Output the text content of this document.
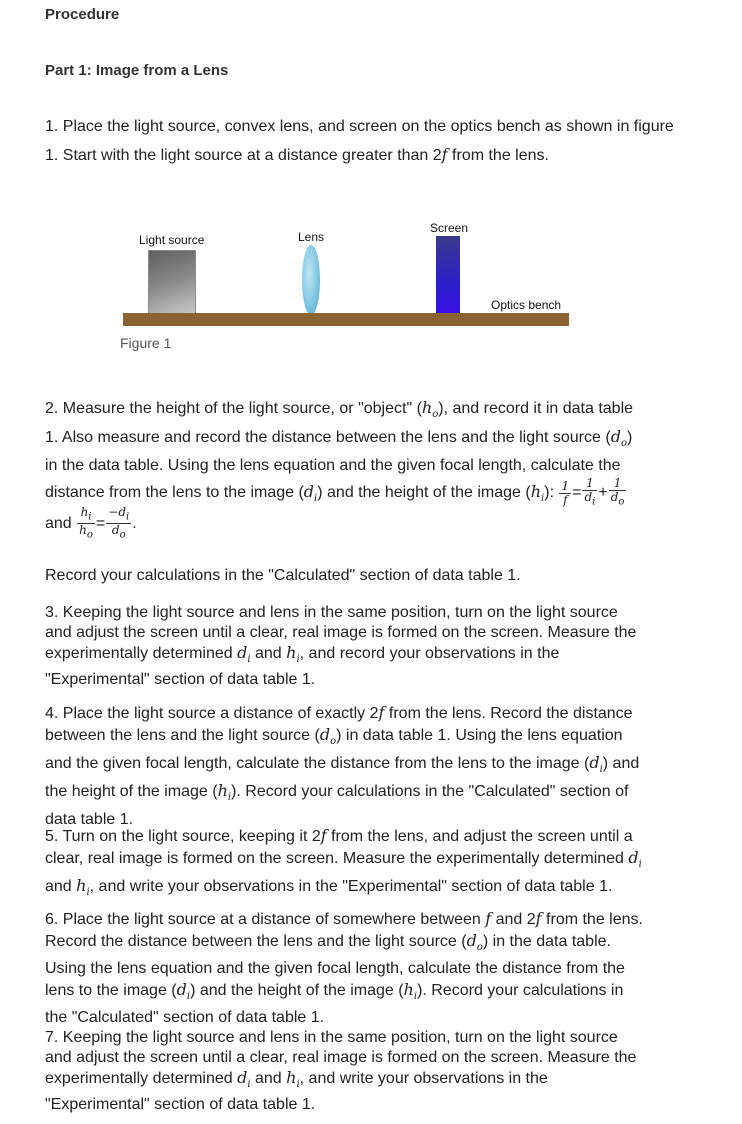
Procedure
Part 1: Image from a Lens
1. Place the light source, convex lens, and screen on the optics bench as shown in figure 1. Start with the light source at a distance greater than 2f from the lens.
Light source	Lens
Screen
Optics bench
Figure 1
2. Measure the height of the light source, or "object" $(h_o)$, and record it in data table 1. Also measure and record the distance between the lens and the light source $(d_o)$ in the data table. Using the lens equation and the given focal length, calculate the distance from the lens to the image $(d_i)$ and the height of the image $(h_i)$: $\frac{1}{f} = \frac{1}{d_i} + \frac{1}{d_o}$
and $\frac{h_i}{h_o} = \frac{-d_i}{d_o}$ .
Record your calculations in the "Calculated" section of data table 1.
3. Keeping the light source and lens in the same position, turn on the light source and adjust the screen until a clear, real image is formed on the screen. Measure the experimentally determined $d_i$ and $h_i$, and record your observations in the "Experimental" section of data table 1.
4. Place the light source a distance of exactly 2f from the lens. Record the distance between the lens and the light source $(d_o)$ in data table 1. Using the lens equation and the given focal length, calculate the distance from the lens to the image $(d_i)$ and the height of the image $(h_i)$. Record your calculations in the "Calculated" section of data table 1.
5. Turn on the light source, keeping it 2f from the lens, and adjust the screen until a clear, real image is formed on the screen. Measure the experimentally determined $d_i$ and $h_i$, and write your observations in the "Experimental" section of data table 1.
6. Place the light source at a distance of somewhere between f and 2f from the lens. Record the distance between the lens and the light source $(d_o)$ in the data table. Using the lens equation and the given focal length, calculate the distance from the lens to the image $(d_i)$ and the height of the image $(h_i)$. Record your calculations in the "Calculated" section of data table 1.
7. Keeping the light source and lens in the same position, turn on the light source and adjust the screen until a clear, real image is formed on the screen. Measure the experimentally determined $d_i$ and $h_i$, and write your observations in the "Experimental" section of data table 1.
